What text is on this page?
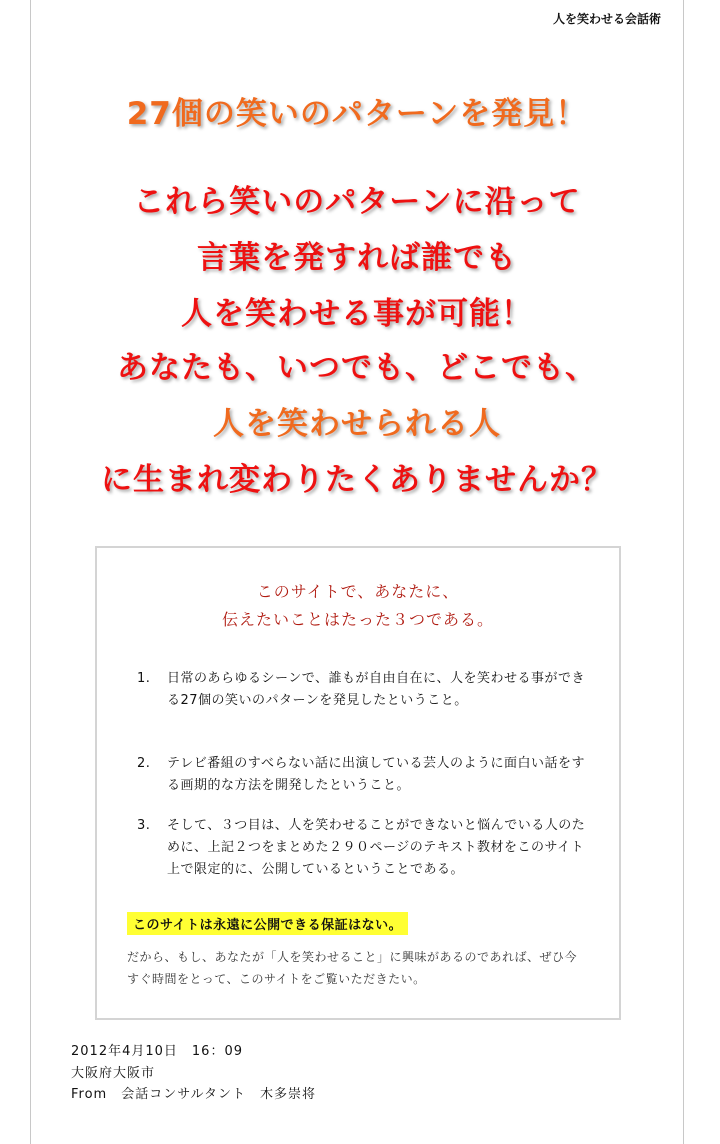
人を笑わせる会話術
27個の笑いのパターンを発見！
これら笑いのパターンに沿って
言葉を発すれば誰でも
人を笑わせる事が可能！
あなたも、いつでも、どこでも、
人を笑わせられる人
に生まれ変わりたくありませんか？
このサイトで、あなたに、
伝えたいことはたった３つである。
1.	日常のあらゆるシーンで、誰もが自由自在に、人を笑わせる事ができる27個の笑いのパターンを発見したということ。
2.	テレビ番組のすべらない話に出演している芸人のように面白い話をする画期的な方法を開発したということ。
3.	そして、３つ目は、人を笑わせることができないと悩んでいる人のために、上記２つをまとめた２９０ページのテキスト教材をこのサイト上で限定的に、公開しているということである。
このサイトは永遠に公開できる保証はない。
だから、もし、あなたが「人を笑わせること」に興味があるのであれば、ぜひ今すぐ時間をとって、このサイトをご覧いただきたい。
2012年4月10日　16：09
大阪府大阪市
From　会話コンサルタント　木多崇将
